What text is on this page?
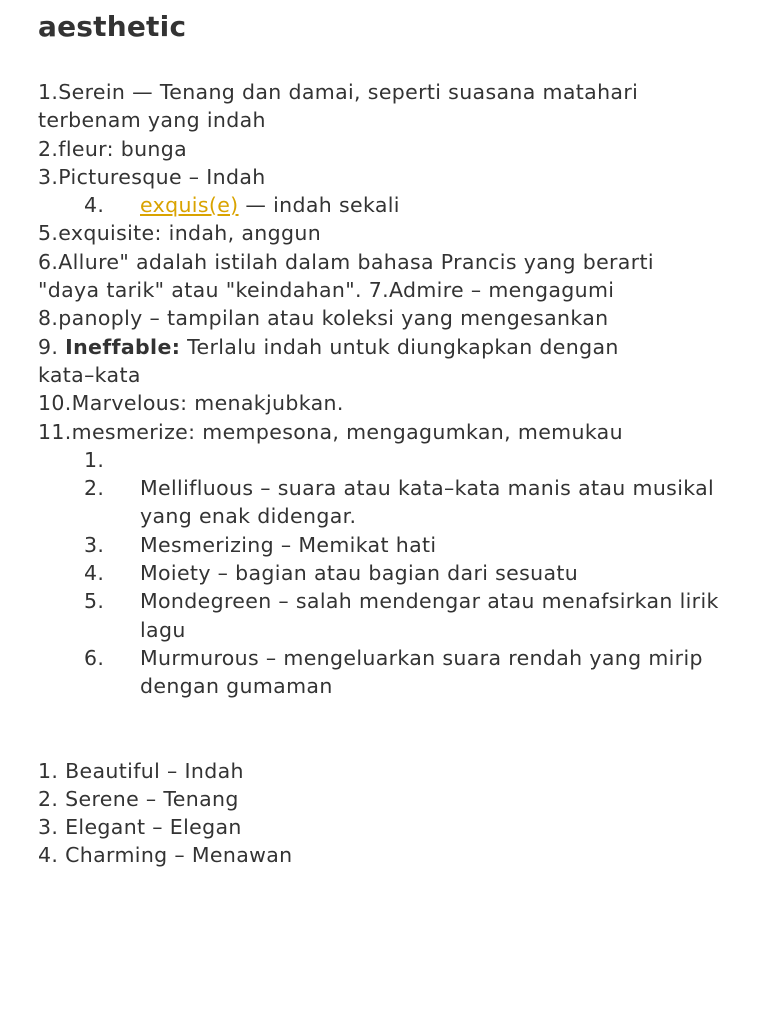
aesthetic
1.Serein — Tenang dan damai, seperti suasana matahari terbenam yang indah
2.fleur: bunga
3.Picturesque – Indah
4. exquis(e) — indah sekali
5.exquisite: indah, anggun
6.Allure" adalah istilah dalam bahasa Prancis yang berarti "daya tarik" atau "keindahan". 7.Admire – mengagumi
8.panoply – tampilan atau koleksi yang mengesankan
9. Ineffable: Terlalu indah untuk diungkapkan dengan kata–kata
10.Marvelous: menakjubkan.
11.mesmerize: mempesona, mengagumkan, memukau
1.
2.	Mellifluous – suara atau kata–kata manis atau musikal yang enak didengar.
3.	Mesmerizing – Memikat hati
4.	Moiety – bagian atau bagian dari sesuatu
5.	Mondegreen – salah mendengar atau menafsirkan lirik lagu
6.	Murmurous – mengeluarkan suara rendah yang mirip dengan gumaman
1. Beautiful – Indah
2. Serene – Tenang
3. Elegant – Elegan
4. Charming – Menawan
